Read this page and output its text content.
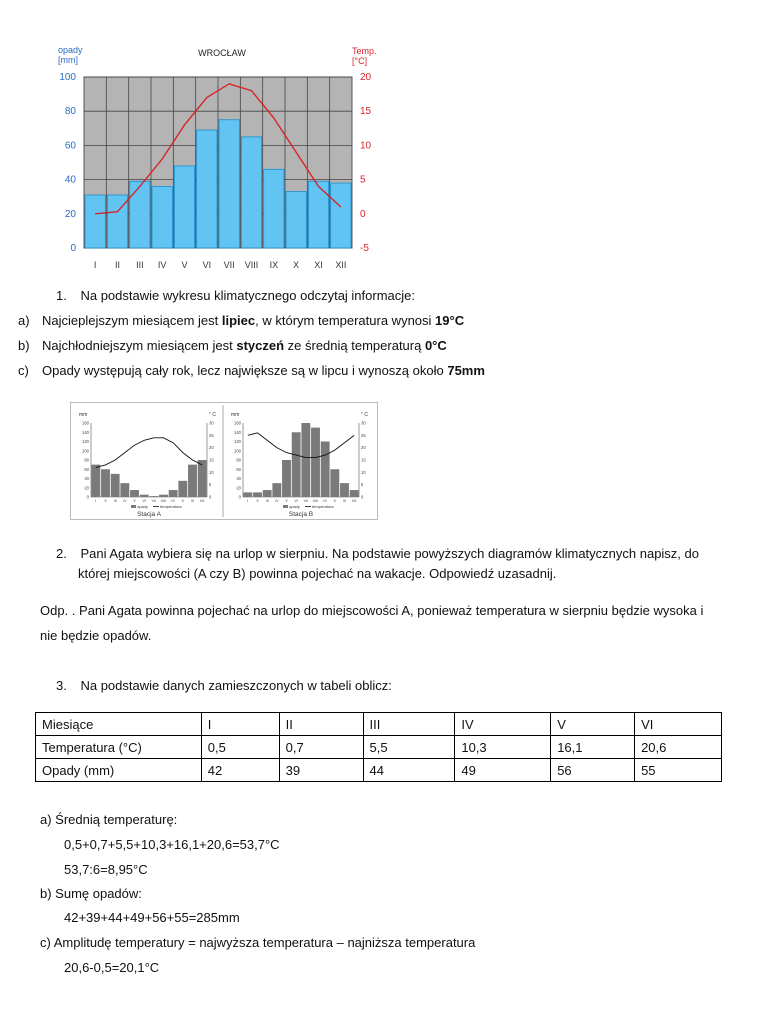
opady
[mm]
WROCŁAW	Temp.
[°C]
0
20
40
60
80
100
-5
0
5
10
15
20
I II III IV V VI VII VIII IX X XI XII
1. Na podstawie wykresu klimatycznego odczytaj informacje:
a) Najcieplejszym miesiącem jest lipiec, w którym temperatura wynosi 19°C
b) Najchłodniejszym miesiącem jest styczeń ze średnią temperaturą 0°C
c) Opady występują cały rok, lecz największe są w lipcu i wynoszą około 75mm
mm	° C
0
20
40
60
80
100
120
140
160
0
5
10
15
20
25
30
I II III IV V VI VII VIII IX X XI XII
opady	temperatura
Stacja A
mm	° C
0
20
40
60
80
100
120
140
160
0
5
10
15
20
25
30
I II III IV V VI VII VIII IX X XI XII
opady	temperatura
Stacja B
2. Pani Agata wybiera się na urlop w sierpniu. Na podstawie powyższych diagramów klimatycznych napisz, do
której miejscowości (A czy B) powinna pojechać na wakacje. Odpowiedź uzasadnij.
Odp. . Pani Agata powinna pojechać na urlop do miejscowości A, ponieważ temperatura w sierpniu będzie wysoka i
nie będzie opadów.
3. Na podstawie danych zamieszczonych w tabeli oblicz:
Miesiące	I	II	III	IV	V	VI
Temperatura (°C)	0,5	0,7	5,5	10,3	16,1	20,6
Opady (mm)	42	39	44	49	56	55
a) Średnią temperaturę:
0,5+0,7+5,5+10,3+16,1+20,6=53,7°C
53,7:6=8,95°C
b) Sumę opadów:
42+39+44+49+56+55=285mm
c) Amplitudę temperatury = najwyższa temperatura – najniższa temperatura
20,6-0,5=20,1°C
